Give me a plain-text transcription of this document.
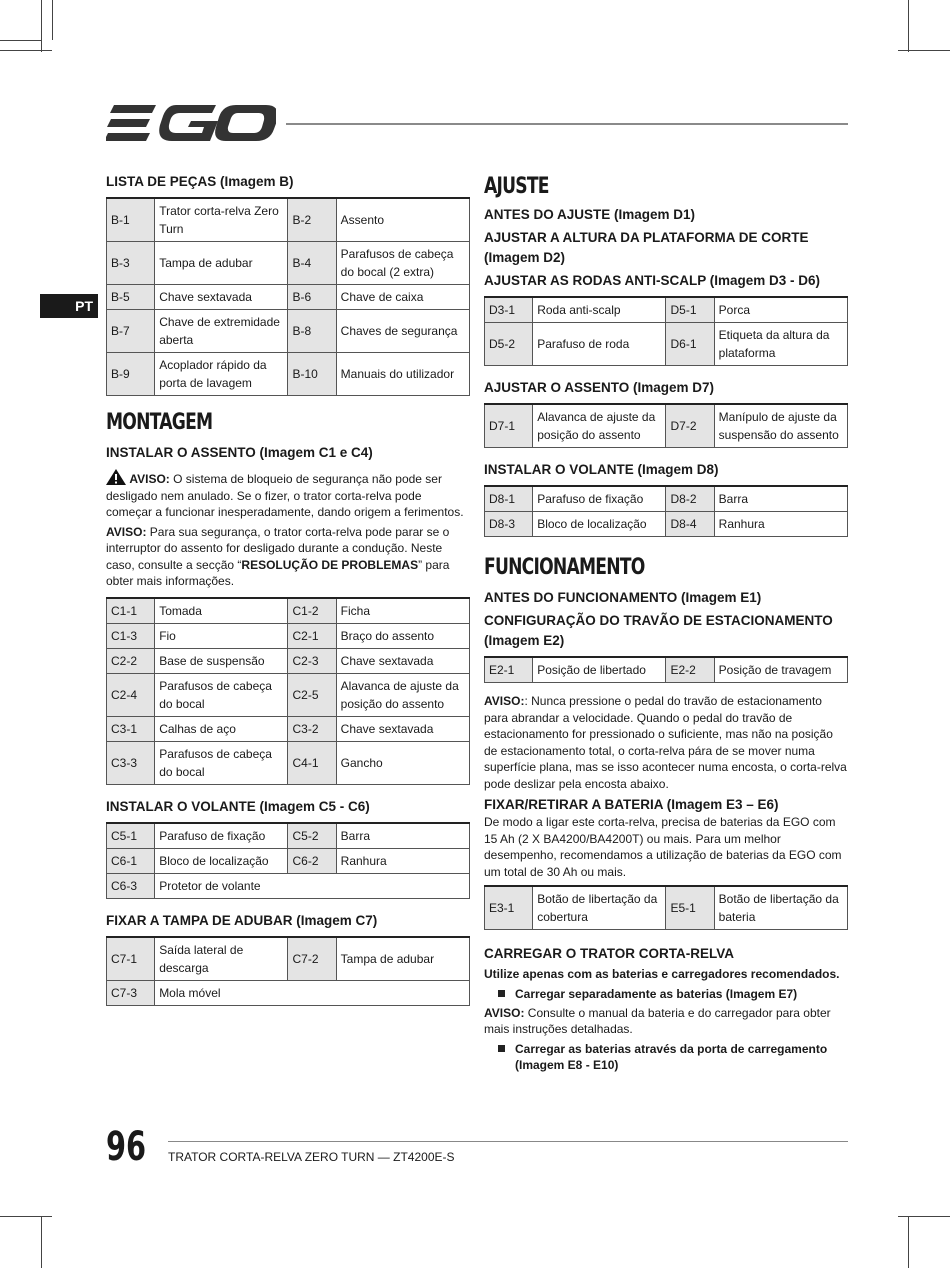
PT

LISTA DE PEÇAS (Imagem B)

B-1	Trator corta-relva Zero Turn	B-2	Assento
B-3	Tampa de adubar	B-4	Parafusos de cabeça do bocal (2 extra)
B-5	Chave sextavada	B-6	Chave de caixa
B-7	Chave de extremidade aberta	B-8	Chaves de segurança
B-9	Acoplador rápido da porta de lavagem	B-10	Manuais do utilizador
MONTAGEM

INSTALAR O ASSENTO (Imagem C1 e C4)

AVISO: O sistema de bloqueio de segurança não pode ser desligado nem anulado. Se o fizer, o trator corta-relva pode começar a funcionar inesperadamente, dando origem a ferimentos.

AVISO: Para sua segurança, o trator corta-relva pode parar se o interruptor do assento for desligado durante a condução. Neste caso, consulte a secção “RESOLUÇÃO DE PROBLEMAS” para obter mais informações.

C1-1	Tomada	C1-2	Ficha
C1-3	Fio	C2-1	Braço do assento
C2-2	Base de suspensão	C2-3	Chave sextavada
C2-4	Parafusos de cabeça do bocal	C2-5	Alavanca de ajuste da posição do assento
C3-1	Calhas de aço	C3-2	Chave sextavada
C3-3	Parafusos de cabeça do bocal	C4-1	Gancho

INSTALAR O VOLANTE (Imagem C5 - C6)

C5-1	Parafuso de fixação	C5-2	Barra
C6-1	Bloco de localização	C6-2	Ranhura
C6-3	Protetor de volante		

FIXAR A TAMPA DE ADUBAR (Imagem C7)

C7-1	Saída lateral de descarga	C7-2	Tampa de adubar
C7-3	Mola móvel		
AJUSTE

ANTES DO AJUSTE (Imagem D1)

AJUSTAR A ALTURA DA PLATAFORMA DE CORTE (Imagem D2)

AJUSTAR AS RODAS ANTI-SCALP (Imagem D3 - D6)

D3-1	Roda anti-scalp	D5-1	Porca
D5-2	Parafuso de roda	D6-1	Etiqueta da altura da plataforma

AJUSTAR O ASSENTO (Imagem D7)

D7-1	Alavanca de ajuste da posição do assento	D7-2	Manípulo de ajuste da suspensão do assento

INSTALAR O VOLANTE (Imagem D8)

D8-1	Parafuso de fixação	D8-2	Barra
D8-3	Bloco de localização	D8-4	Ranhura
FUNCIONAMENTO

ANTES DO FUNCIONAMENTO (Imagem E1)

CONFIGURAÇÃO DO TRAVÃO DE ESTACIONAMENTO (Imagem E2)

E2-1	Posição de libertado	E2-2	Posição de travagem

AVISO:: Nunca pressione o pedal do travão de estacionamento para abrandar a velocidade. Quando o pedal do travão de estacionamento for pressionado o suficiente, mas não na posição de estacionamento total, o corta-relva pára de se mover numa superfície plana, mas se isso acontecer numa encosta, o corta-relva pode deslizar pela encosta abaixo.

FIXAR/RETIRAR A BATERIA (Imagem E3 – E6)

De modo a ligar este corta-relva, precisa de baterias da EGO com 15 Ah (2 X BA4200/BA4200T) ou mais. Para um melhor desempenho, recomendamos a utilização de baterias da EGO com um total de 30 Ah ou mais.

E3-1	Botão de libertação da cobertura	E5-1	Botão de libertação da bateria

CARREGAR O TRATOR CORTA-RELVA

Utilize apenas com as baterias e carregadores recomendados.

Carregar separadamente as baterias (Imagem E7)

AVISO: Consulte o manual da bateria e do carregador para obter mais instruções detalhadas.

Carregar as baterias através da porta de carregamento (Imagem E8 - E10)
96 TRATOR CORTA-RELVA ZERO TURN — ZT4200E-S
